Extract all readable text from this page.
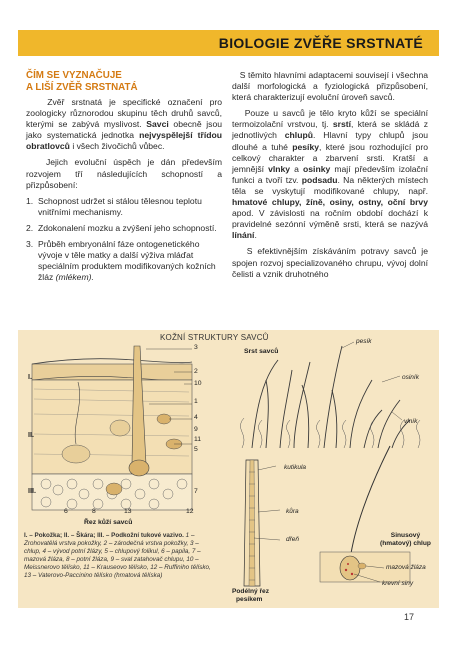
BIOLOGIE ZVĚŘE SRSTNATÉ
ČÍM SE VYZNAČUJE
A LIŠÍ ZVĚŘ SRSTNATÁ

Zvěř srstnatá je specifické označení pro zoologicky různorodou skupinu těch druhů savců, kterými se zabývá myslivost. Savci obecně jsou jako systematická jednotka nejvyspělejší třídou obratlovců i všech živočichů vůbec.

Jejich evoluční úspěch je dán především rozvojem tří následujících schopností a přizpůsobení:

1. Schopnost udržet si stálou tělesnou teplotu vnitřními mechanismy.
2. Zdokonalení mozku a zvýšení jeho schopností.
3. Průběh embryonální fáze ontogenetického vývoje v těle matky a další výživa mláďat speciálním produktem modifikovaných kožních žláz (mlékem).

S těmito hlavními adaptacemi souvisejí i všechna další morfologická a fyziologická přizpůsobení, která charakterizují evoluční úroveň savců.

Pouze u savců je tělo kryto kůží se speciální termoizolační vrstvou, tj. srstí, která se skládá z jednotlivých chlupů. Hlavní typy chlupů jsou dlouhé a tuhé pesíky, které jsou rozhodující pro celkový charakter a zbarvení srsti. Kratší a jemnější vlnky a osinky mají především izolační funkci a tvoří tzv. podsadu. Na některých místech těla se vyskytují modifikované chlupy, např. hmatové chlupy, žíně, osiny, ostny, oční brvy apod. V závislosti na ročním období dochází k pravidelné sezónní výměně srsti, která se nazývá línání.

S efektivnějším získáváním potravy savců je spojen rozvoj specializovaného chrupu, vývoj dolní čelisti a vznik druhotného

KOŽNÍ STRUKTURY SAVCŮ
I.
II.
III.
3
2
10
1
4
9
11
5
7
12
6	8	13
Řez kůží savců
I. – Pokožka; II. – Škára; III. – Podkožní tukové vazivo. 1 – Zrohovatělá vrstva pokožky, 2 – zárodečná vrstva pokožky, 3 – chlup, 4 – vývod potní žlázy, 5 – chlupový folikul, 6 – papila, 7 – mazová žláza, 8 – potní žláza, 9 – sval zatahovač chlupu, 10 – Meissnerovo tělísko, 11 – Krauseovo tělísko, 12 – Ruffiniho tělísko, 13 – Vaterovo-Paccinino tělísko (hmatová tělíska)
Srst savců
pesík
osiník
vlník
kutikula
kůra
dřeň
Podélný řez
pesíkem
Sinusový
(hmatový) chlup
mazová žláza
krevní siny
17
